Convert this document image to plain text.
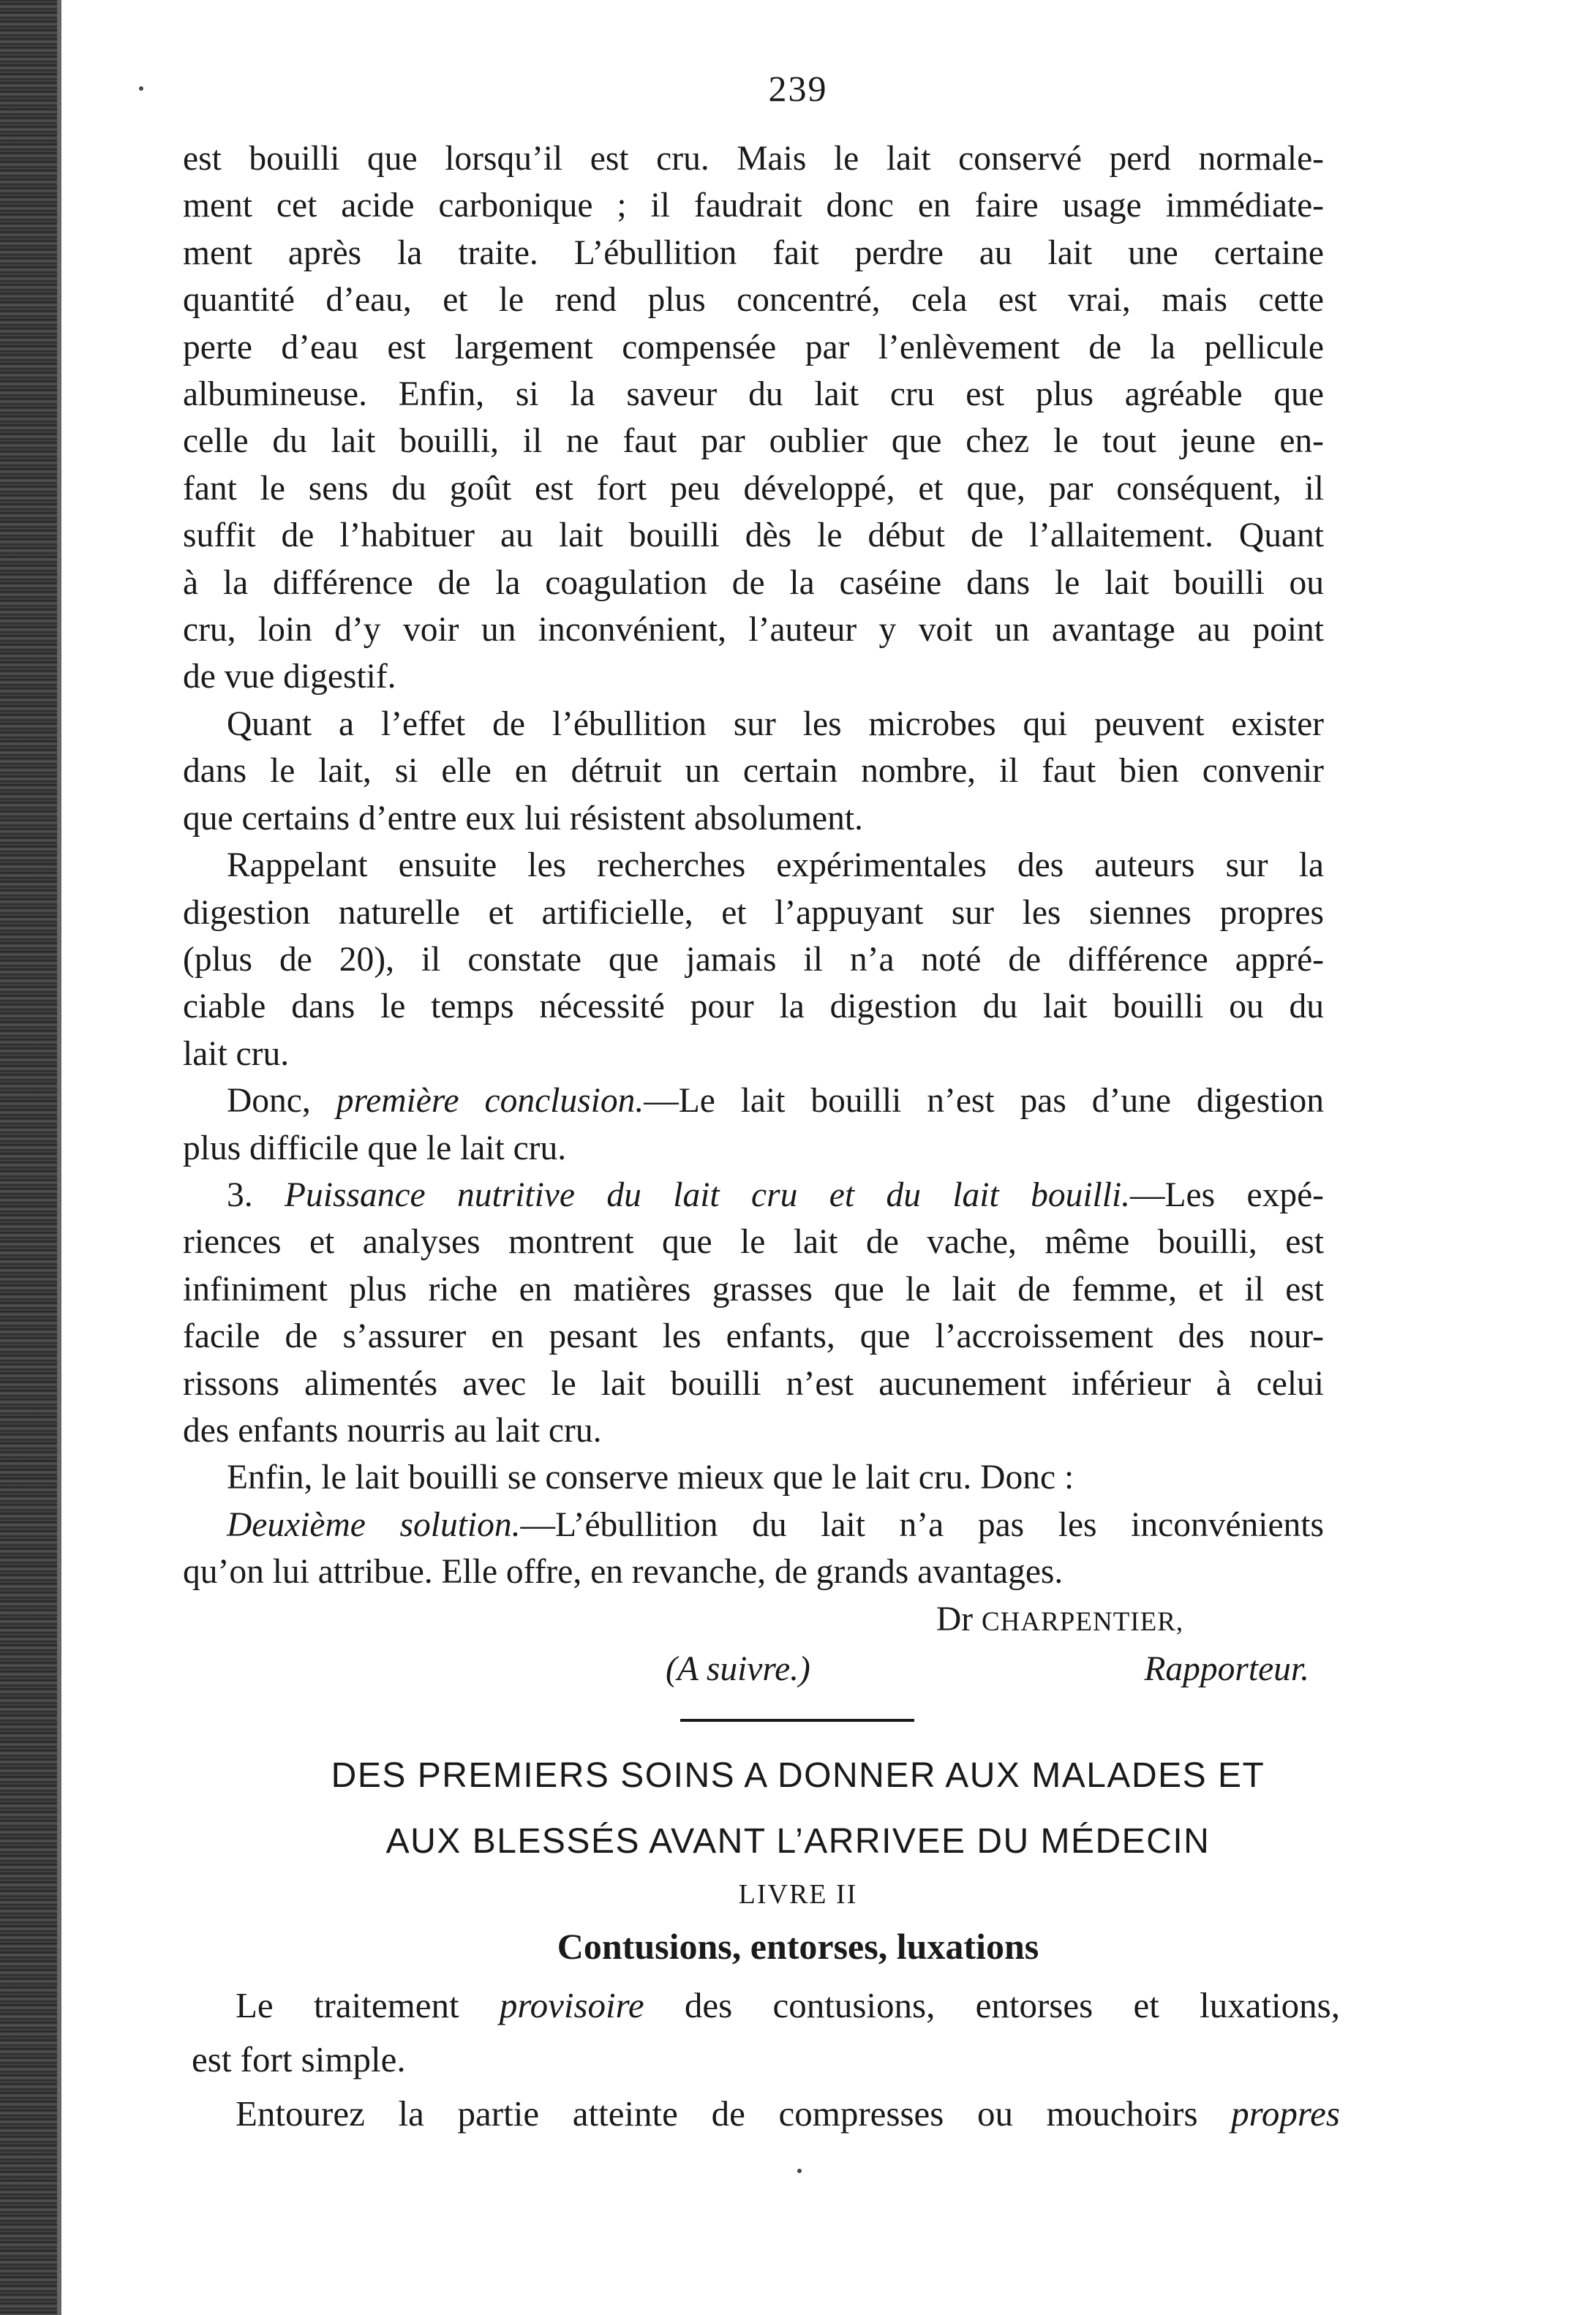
239
est bouilli que lorsqu’il est cru. Mais le lait conservé perd normale-
ment cet acide carbonique ; il faudrait donc en faire usage immédiate-
ment après la traite. L’ébullition fait perdre au lait une certaine
quantité d’eau, et le rend plus concentré, cela est vrai, mais cette
perte d’eau est largement compensée par l’enlèvement de la pellicule
albumineuse. Enfin, si la saveur du lait cru est plus agréable que
celle du lait bouilli, il ne faut par oublier que chez le tout jeune en-
fant le sens du goût est fort peu développé, et que, par conséquent, il
suffit de l’habituer au lait bouilli dès le début de l’allaitement. Quant
à la différence de la coagulation de la caséine dans le lait bouilli ou
cru, loin d’y voir un inconvénient, l’auteur y voit un avantage au point
de vue digestif.
Quant a l’effet de l’ébullition sur les microbes qui peuvent exister
dans le lait, si elle en détruit un certain nombre, il faut bien convenir
que certains d’entre eux lui résistent absolument.
Rappelant ensuite les recherches expérimentales des auteurs sur la
digestion naturelle et artificielle, et l’appuyant sur les siennes propres
(plus de 20), il constate que jamais il n’a noté de différence appré-
ciable dans le temps nécessité pour la digestion du lait bouilli ou du
lait cru.
Donc, première conclusion.—Le lait bouilli n’est pas d’une digestion
plus difficile que le lait cru.
3. Puissance nutritive du lait cru et du lait bouilli.—Les expé-
riences et analyses montrent que le lait de vache, même bouilli, est
infiniment plus riche en matières grasses que le lait de femme, et il est
facile de s’assurer en pesant les enfants, que l’accroissement des nour-
rissons alimentés avec le lait bouilli n’est aucunement inférieur à celui
des enfants nourris au lait cru.
Enfin, le lait bouilli se conserve mieux que le lait cru. Donc :
Deuxième solution.—L’ébullition du lait n’a pas les inconvénients
qu’on lui attribue. Elle offre, en revanche, de grands avantages.
Dr CHARPENTIER,
(A suivre.)	Rapporteur.
DES PREMIERS SOINS A DONNER AUX MALADES ET
AUX BLESSÉS AVANT L’ARRIVEE DU MÉDECIN
LIVRE II
Contusions, entorses, luxations
Le traitement provisoire des contusions, entorses et luxations,
est fort simple.
Entourez la partie atteinte de compresses ou mouchoirs propres
